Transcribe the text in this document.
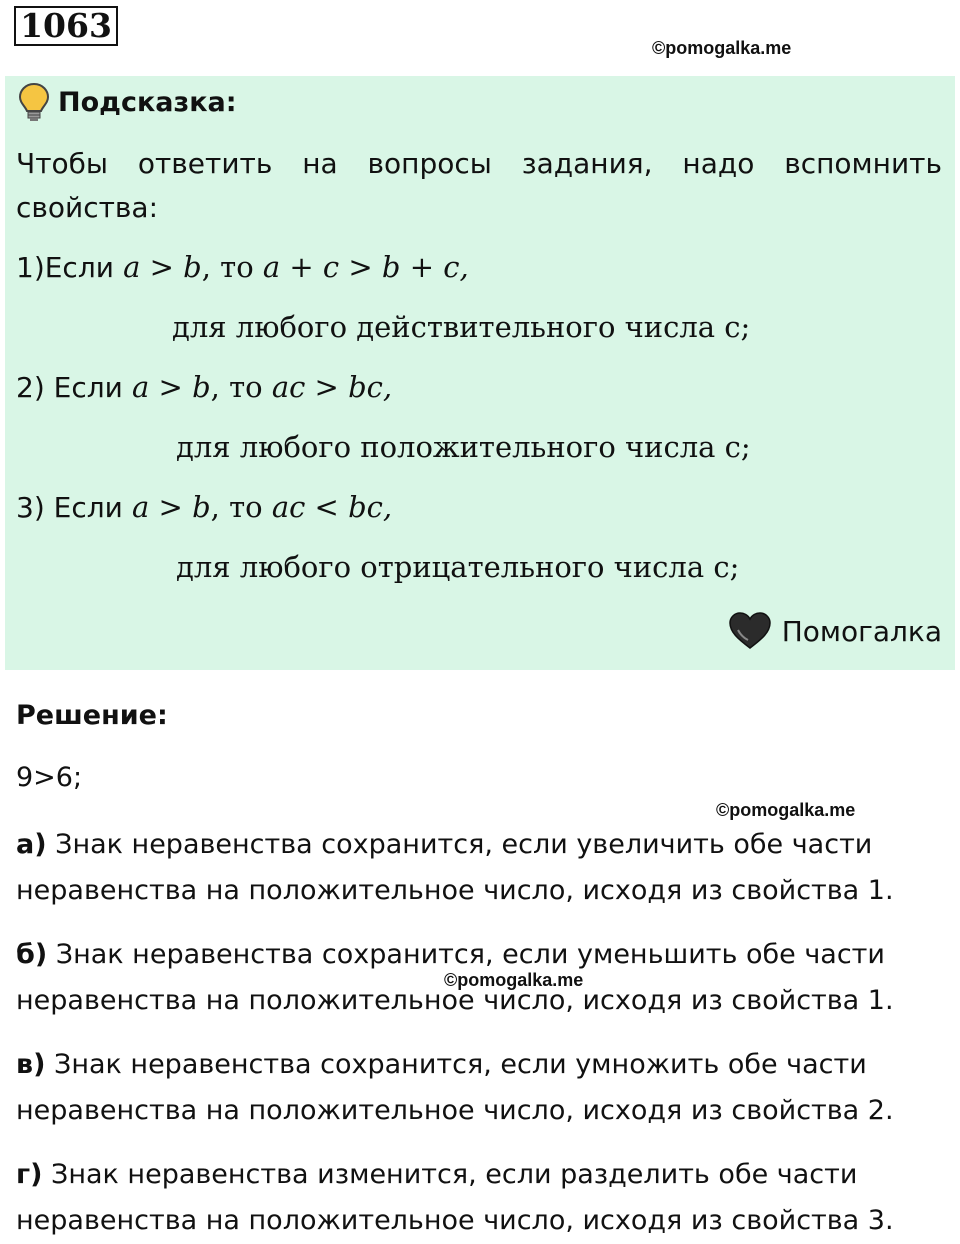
1063
©pomogalka.me
Подсказка:
Чтобы ответить на вопросы задания, надо вспомнить свойства:
1)Если a > b, то a + c > b + c,
для любого действительного числа c;
2) Если a > b, то ac > bc,
для любого положительного числа c;
3) Если a > b, то ac < bc,
для любого отрицательного числа c;
Помогалка
Решение:
9>6;
©pomogalka.me
а) Знак неравенства сохранится, если увеличить обе части неравенства на положительное число, исходя из свойства 1.
б) Знак неравенства сохранится, если уменьшить обе части неравенства на положительное число, исходя из свойства 1.
©pomogalka.me
в) Знак неравенства сохранится, если умножить обе части неравенства на положительное число, исходя из свойства 2.
г) Знак неравенства изменится, если разделить обе части неравенства на положительное число, исходя из свойства 3.
